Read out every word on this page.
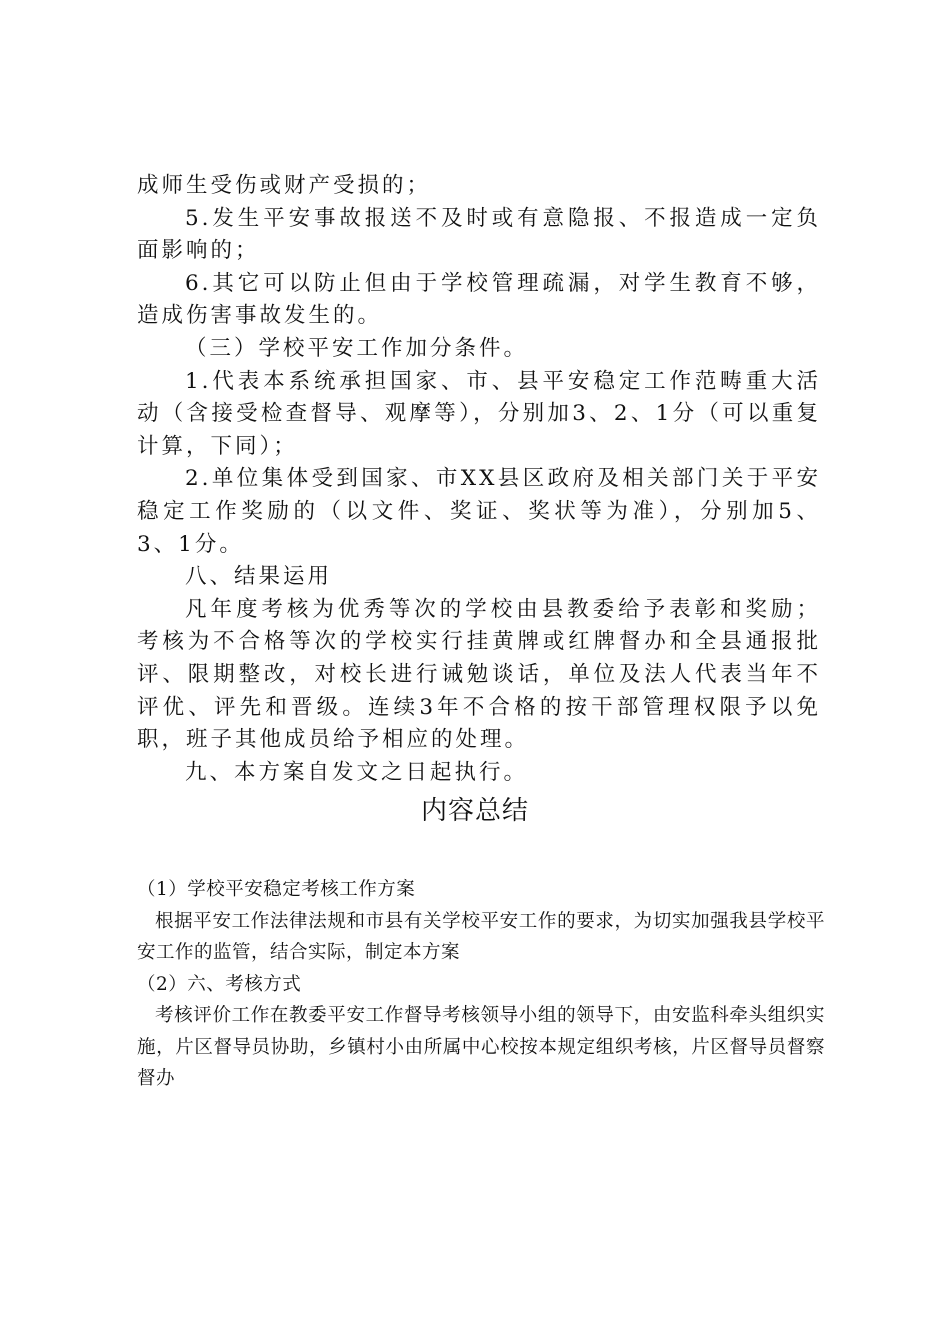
成师生受伤或财产受损的；

5.发生平安事故报送不及时或有意隐报、不报造成一定负面影响的；

6.其它可以防止但由于学校管理疏漏，对学生教育不够，造成伤害事故发生的。

（三）学校平安工作加分条件。

1.代表本系统承担国家、市、县平安稳定工作范畴重大活动（含接受检查督导、观摩等），分别加3、2、1分（可以重复计算，下同）；

2.单位集体受到国家、市XX县区政府及相关部门关于平安稳定工作奖励的（以文件、奖证、奖状等为准），分别加5、3、1分。

八、结果运用

凡年度考核为优秀等次的学校由县教委给予表彰和奖励；考核为不合格等次的学校实行挂黄牌或红牌督办和全县通报批评、限期整改，对校长进行诫勉谈话，单位及法人代表当年不评优、评先和晋级。连续3年不合格的按干部管理权限予以免职，班子其他成员给予相应的处理。

九、本方案自发文之日起执行。

内容总结

（1）学校平安稳定考核工作方案

根据平安工作法律法规和市县有关学校平安工作的要求，为切实加强我县学校平安工作的监管，结合实际，制定本方案

（2）六、考核方式

考核评价工作在教委平安工作督导考核领导小组的领导下，由安监科牵头组织实施，片区督导员协助，乡镇村小由所属中心校按本规定组织考核，片区督导员督察督办
